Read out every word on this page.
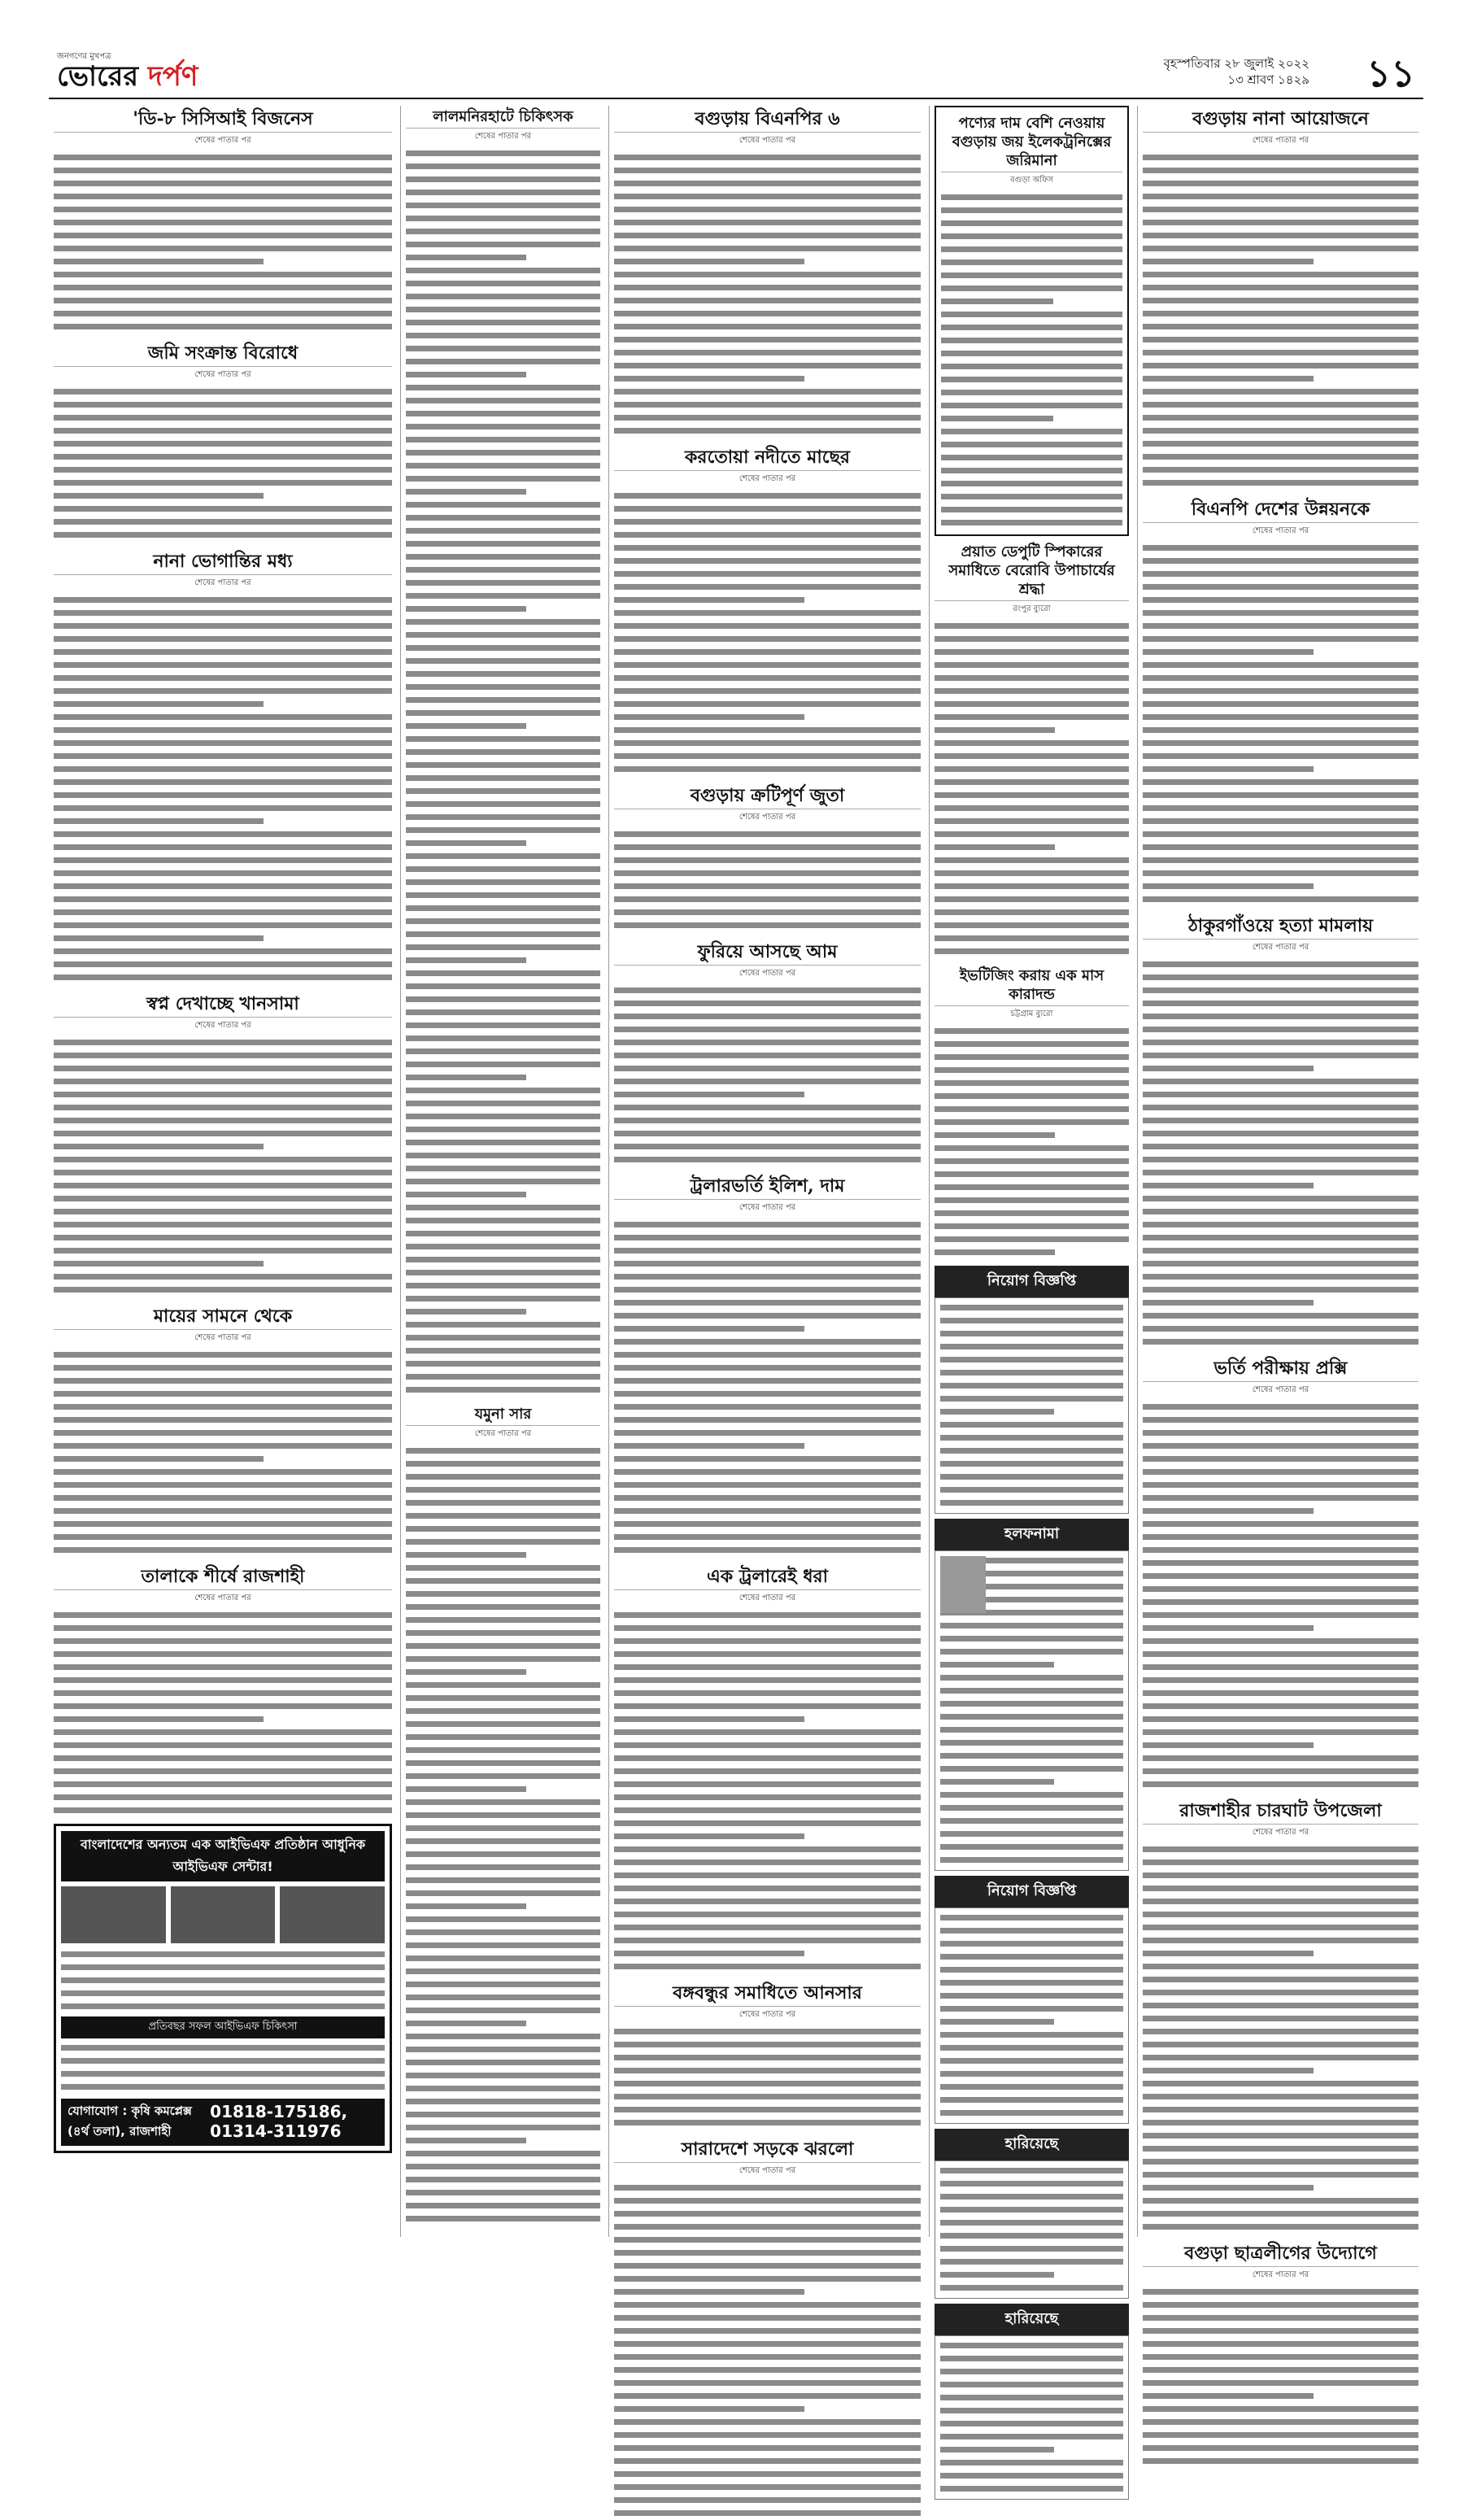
জনগণের মুখপত্র
ভোরের দর্পণ	বৃহস্পতিবার ২৮ জুলাই ২০২২
১৩ শ্রাবণ ১৪২৯ ১১
'ডি-৮ সিসিআই বিজনেস
শেষের পাতার পর
জমি সংক্রান্ত বিরোধে
শেষের পাতার পর
নানা ভোগান্তির মধ্য
শেষের পাতার পর
স্বপ্ন দেখাচ্ছে খানসামা
শেষের পাতার পর
মায়ের সামনে থেকে
শেষের পাতার পর
তালাকে শীর্ষে রাজশাহী
শেষের পাতার পর
বাংলাদেশের অন্যতম এক আইভিএফ প্রতিষ্ঠান আধুনিক আইভিএফ সেন্টার!
প্রতিবছর সফল আইভিএফ চিকিৎসা
যোগাযোগ : কৃষি কমপ্লেক্স (৪র্থ তলা), রাজশাহী
01818-175186, 01314-311976
লালমনিরহাটে চিকিৎসক
শেষের পাতার পর
যমুনা সার
শেষের পাতার পর
বগুড়ায় বিএনপির ৬
শেষের পাতার পর
করতোয়া নদীতে মাছের
শেষের পাতার পর
বগুড়ায় ক্রটিপূর্ণ জুতা
শেষের পাতার পর
ফুরিয়ে আসছে আম
শেষের পাতার পর
ট্রলারভর্তি ইলিশ, দাম
শেষের পাতার পর
এক ট্রলারেই ধরা
শেষের পাতার পর
বঙ্গবন্ধুর সমাধিতে আনসার
শেষের পাতার পর
সারাদেশে সড়কে ঝরলো
শেষের পাতার পর
পণ্যের দাম বেশি নেওয়ায় বগুড়ায় জয় ইলেকট্রনিক্সের জরিমানা
বগুড়া অফিস
প্রয়াত ডেপুটি স্পিকারের সমাধিতে বেরোবি উপাচার্যের শ্রদ্ধা
রংপুর ব্যুরো
ইভটিজিং করায় এক মাস কারাদন্ড
চট্টগ্রাম ব্যুরো
নিয়োগ বিজ্ঞপ্তি
হলফনামা
নিয়োগ বিজ্ঞপ্তি
হারিয়েছে
হারিয়েছে
বগুড়ায় নানা আয়োজনে
শেষের পাতার পর
বিএনপি দেশের উন্নয়নকে
শেষের পাতার পর
ঠাকুরগাঁওয়ে হত্যা মামলায়
শেষের পাতার পর
ভর্তি পরীক্ষায় প্রক্সি
শেষের পাতার পর
রাজশাহীর চারঘাট উপজেলা
শেষের পাতার পর
বগুড়া ছাত্রলীগের উদ্যোগে
শেষের পাতার পর
